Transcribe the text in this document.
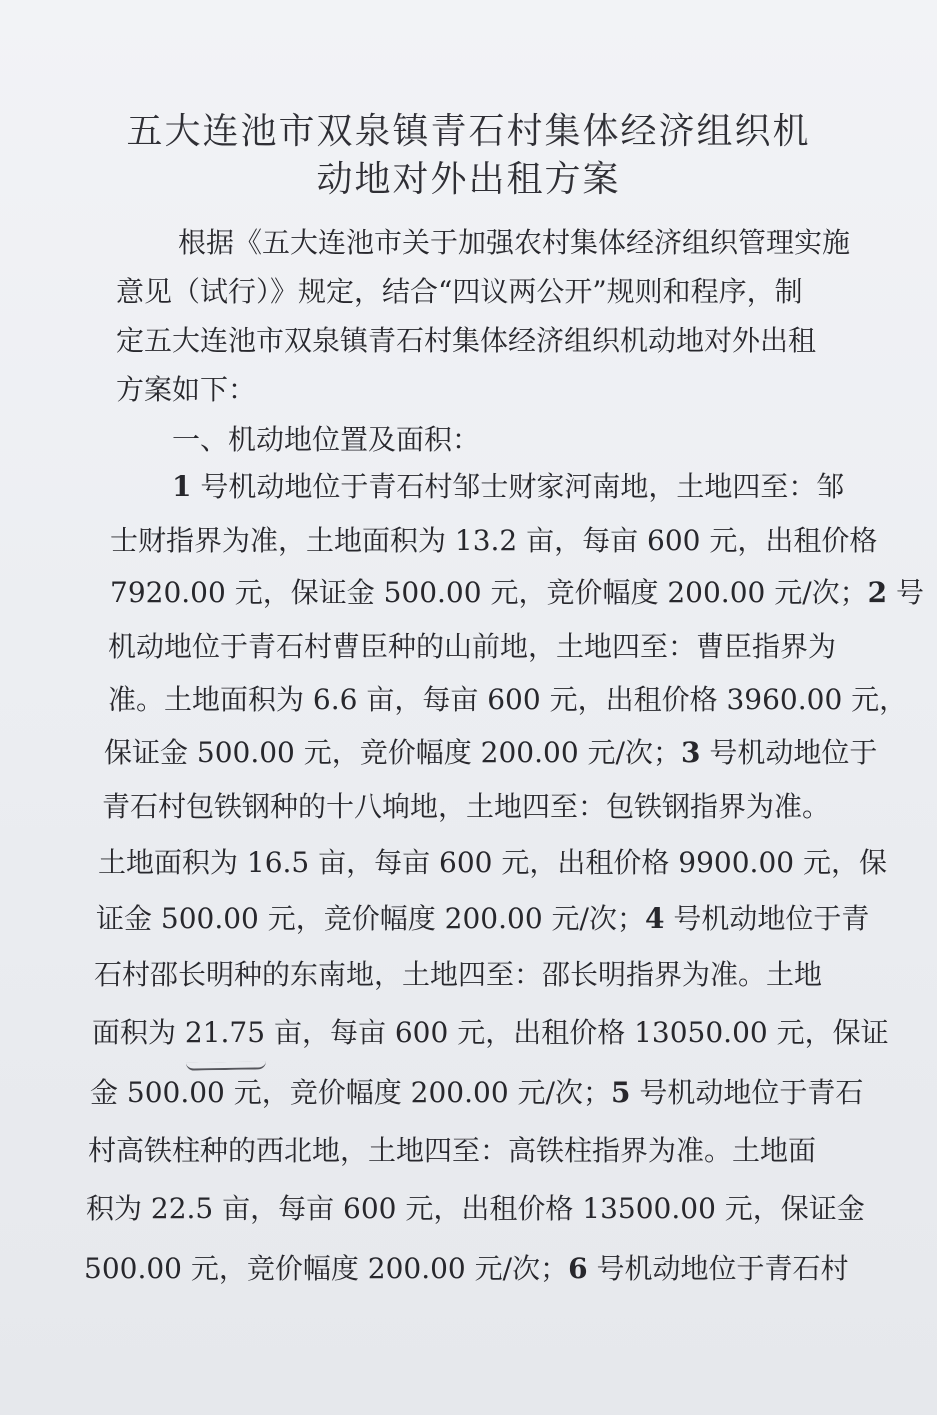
五大连池市双泉镇青石村集体经济组织机
动地对外出租方案
根据《五大连池市关于加强农村集体经济组织管理实施
意见（试行）》规定，结合“四议两公开”规则和程序，制
定五大连池市双泉镇青石村集体经济组织机动地对外出租
方案如下：
一、机动地位置及面积：
1 号机动地位于青石村邹士财家河南地，土地四至：邹
士财指界为准，土地面积为 13.2 亩，每亩 600 元，出租价格
7920.00 元，保证金 500.00 元，竞价幅度 200.00 元/次；2 号
机动地位于青石村曹臣种的山前地，土地四至：曹臣指界为
准。土地面积为 6.6 亩，每亩 600 元，出租价格 3960.00 元，
保证金 500.00 元，竞价幅度 200.00 元/次；3 号机动地位于
青石村包铁钢种的十八垧地，土地四至：包铁钢指界为准。
土地面积为 16.5 亩，每亩 600 元，出租价格 9900.00 元，保
证金 500.00 元，竞价幅度 200.00 元/次；4 号机动地位于青
石村邵长明种的东南地，土地四至：邵长明指界为准。土地
面积为 21.75 亩，每亩 600 元，出租价格 13050.00 元，保证
金 500.00 元，竞价幅度 200.00 元/次；5 号机动地位于青石
村高铁柱种的西北地，土地四至：高铁柱指界为准。土地面
积为 22.5 亩，每亩 600 元，出租价格 13500.00 元，保证金
500.00 元，竞价幅度 200.00 元/次；6 号机动地位于青石村
